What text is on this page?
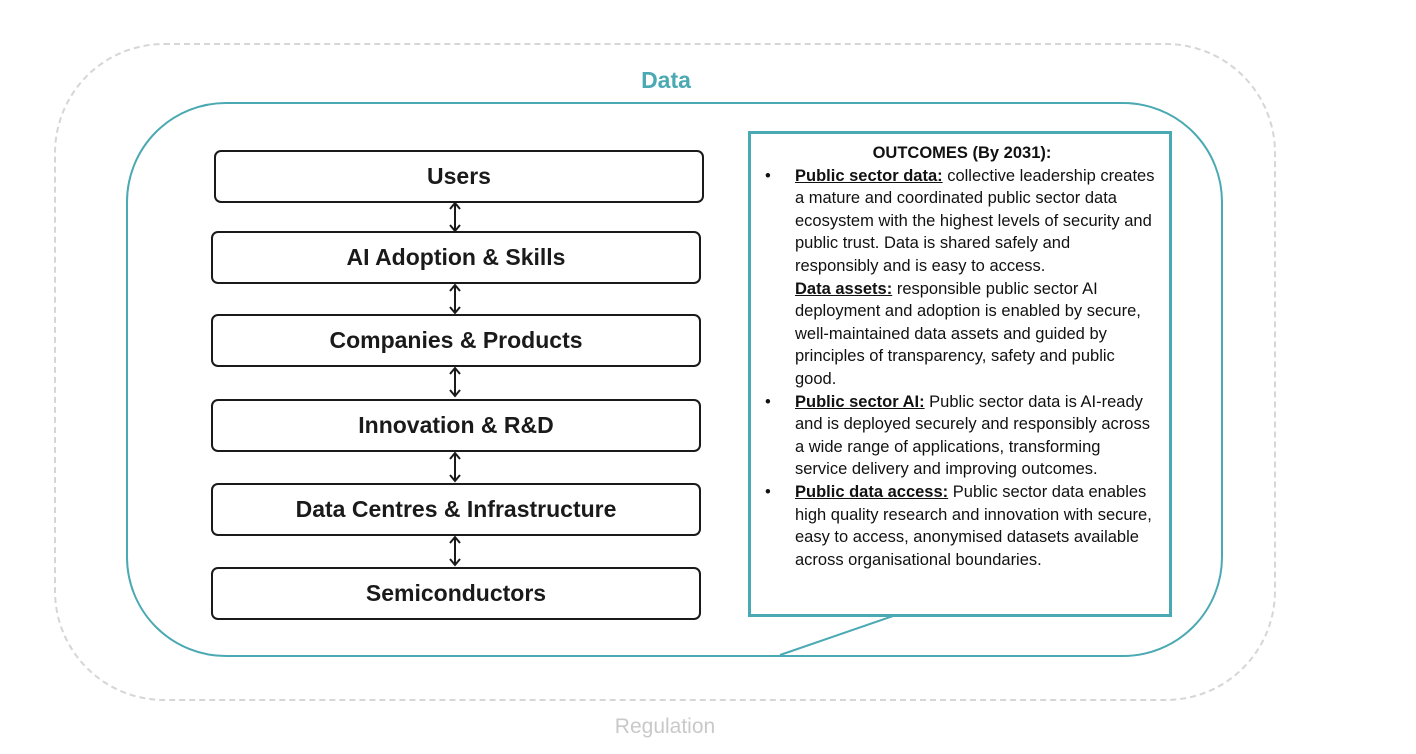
Regulation
Data
Users
AI Adoption & Skills
Companies & Products
Innovation & R&D
Data Centres & Infrastructure
Semiconductors
OUTCOMES (By 2031):
• Public sector data: collective leadership creates a mature and coordinated public sector data ecosystem with the highest levels of security and public trust. Data is shared safely and responsibly and is easy to access.
Data assets: responsible public sector AI deployment and adoption is enabled by secure, well-maintained data assets and guided by principles of transparency, safety and public good.
• Public sector AI: Public sector data is AI-ready and is deployed securely and responsibly across a wide range of applications, transforming service delivery and improving outcomes.
• Public data access: Public sector data enables high quality research and innovation with secure, easy to access, anonymised datasets available across organisational boundaries.
